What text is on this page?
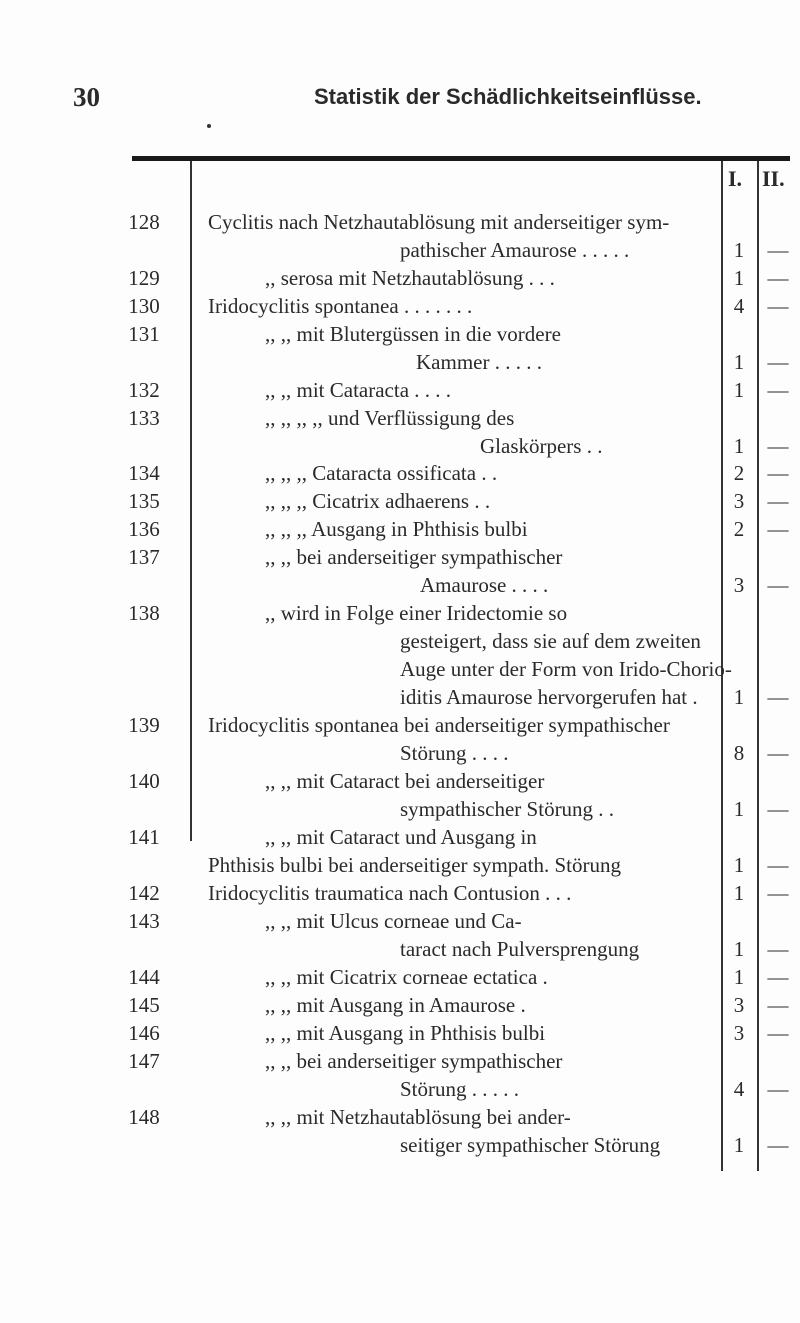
30	Statistik der Schädlichkeitseinflüsse.
I. II.
128	Cyclitis nach Netzhautablösung mit anderseitiger sym-
pathischer Amaurose . . . . .	1	—
129	,, serosa mit Netzhautablösung . . .	1	—
130	Iridocyclitis spontanea . . . . . . .	4	—
131	,, ,, mit Blutergüssen in die vordere
Kammer . . . . .	1	—
132	,, ,, mit Cataracta . . . .	1	—
133	,, ,, ,, ,, und Verflüssigung des
Glaskörpers . .	1	—
134	,, ,, ,, Cataracta ossificata . .	2	—
135	,, ,, ,, Cicatrix adhaerens . .	3	—
136	,, ,, ,, Ausgang in Phthisis bulbi	2	—
137	,, ,, bei anderseitiger sympathischer
Amaurose . . . .	3	—
138	,, wird in Folge einer Iridectomie so
gesteigert, dass sie auf dem zweiten
Auge unter der Form von Irido-Chorio-
iditis Amaurose hervorgerufen hat .	1	—
139	Iridocyclitis spontanea bei anderseitiger sympathischer
Störung . . . .	8	—
140	,, ,, mit Cataract bei anderseitiger
sympathischer Störung . .	1	—
141	,, ,, mit Cataract und Ausgang in
Phthisis bulbi bei anderseitiger sympath. Störung	1	—
142	Iridocyclitis traumatica nach Contusion . . .	1	—
143	,, ,, mit Ulcus corneae und Ca-
taract nach Pulversprengung	1	—
144	,, ,, mit Cicatrix corneae ectatica .	1	—
145	,, ,, mit Ausgang in Amaurose .	3	—
146	,, ,, mit Ausgang in Phthisis bulbi	3	—
147	,, ,, bei anderseitiger sympathischer
Störung . . . . .	4	—
148	,, ,, mit Netzhautablösung bei ander-
seitiger sympathischer Störung	1	—
